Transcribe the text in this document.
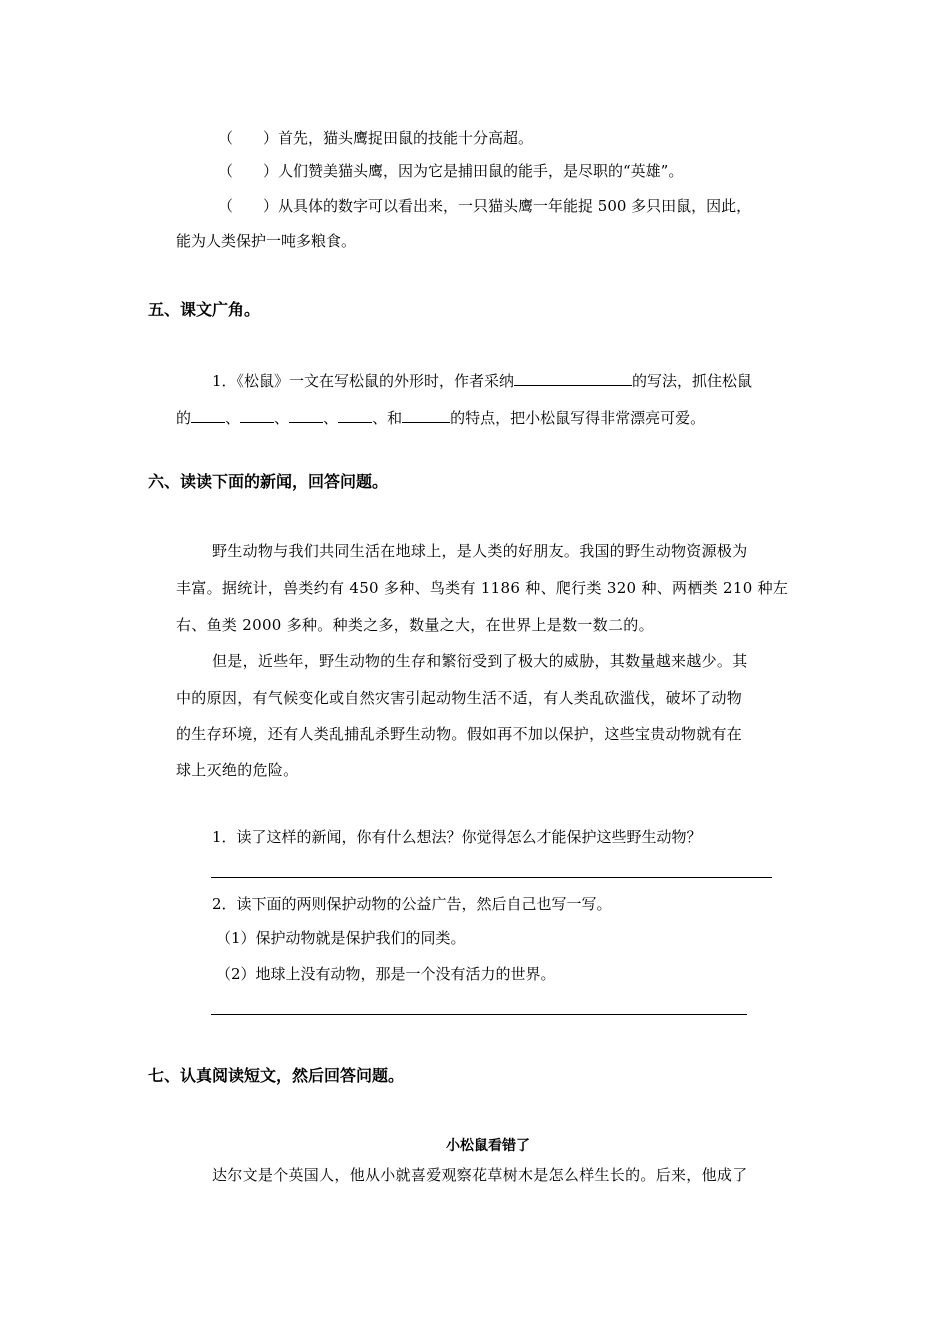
（　　）首先，猫头鹰捉田鼠的技能十分高超。
（　　）人们赞美猫头鹰，因为它是捕田鼠的能手，是尽职的“英雄”。
（　　）从具体的数字可以看出来，一只猫头鹰一年能捉 500 多只田鼠，因此，
能为人类保护一吨多粮食。
五、课文广角。
1．《松鼠》一文在写松鼠的外形时，作者采纳	的写法，抓住松鼠
的 、 、 、 、和	的特点，把小松鼠写得非常漂亮可爱。
六、读读下面的新闻，回答问题。
野生动物与我们共同生活在地球上，是人类的好朋友。我国的野生动物资源极为
丰富。据统计，兽类约有 450 多种、鸟类有 1186 种、爬行类 320 种、两栖类 210 种左
右、鱼类 2000 多种。种类之多，数量之大，在世界上是数一数二的。
但是，近些年，野生动物的生存和繁衍受到了极大的威胁，其数量越来越少。其
中的原因，有气候变化或自然灾害引起动物生活不适，有人类乱砍滥伐，破坏了动物
的生存环境，还有人类乱捕乱杀野生动物。假如再不加以保护，这些宝贵动物就有在
球上灭绝的危险。
1．读了这样的新闻，你有什么想法？你觉得怎么才能保护这些野生动物？
2．读下面的两则保护动物的公益广告，然后自己也写一写。
（1）保护动物就是保护我们的同类。
（2）地球上没有动物，那是一个没有活力的世界。
七、认真阅读短文，然后回答问题。
小松鼠看错了
达尔文是个英国人，他从小就喜爱观察花草树木是怎么样生长的。后来，他成了
